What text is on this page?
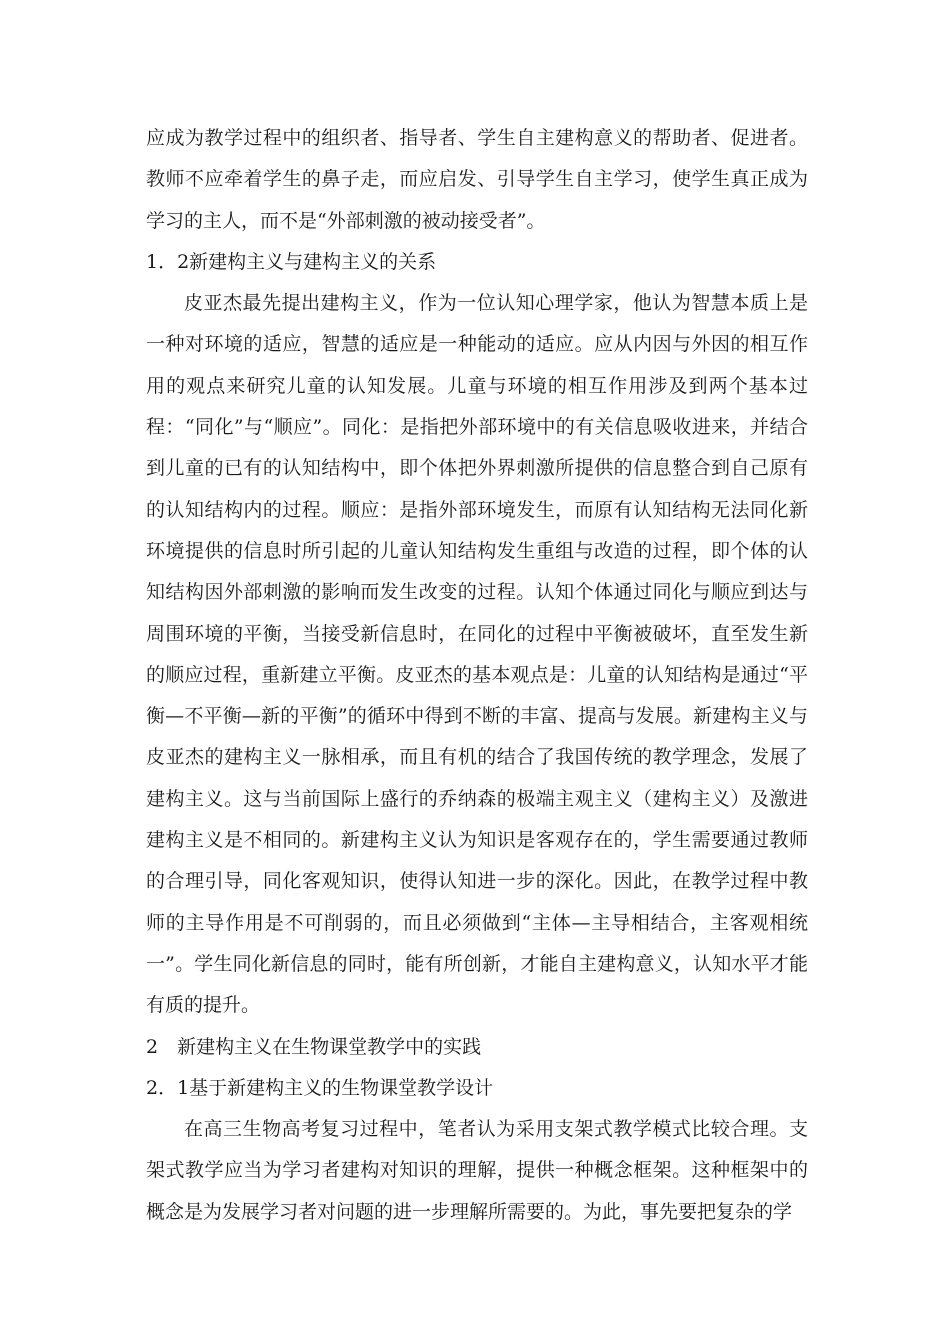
应成为教学过程中的组织者、指导者、学生自主建构意义的帮助者、促进者。教师不应牵着学生的鼻子走，而应启发、引导学生自主学习，使学生真正成为学习的主人，而不是“外部刺激的被动接受者”。

1．2新建构主义与建构主义的关系

皮亚杰最先提出建构主义，作为一位认知心理学家，他认为智慧本质上是一种对环境的适应，智慧的适应是一种能动的适应。应从内因与外因的相互作用的观点来研究儿童的认知发展。儿童与环境的相互作用涉及到两个基本过程：“同化”与“顺应”。同化：是指把外部环境中的有关信息吸收进来，并结合到儿童的已有的认知结构中，即个体把外界刺激所提供的信息整合到自己原有的认知结构内的过程。顺应：是指外部环境发生，而原有认知结构无法同化新环境提供的信息时所引起的儿童认知结构发生重组与改造的过程，即个体的认知结构因外部刺激的影响而发生改变的过程。认知个体通过同化与顺应到达与周围环境的平衡，当接受新信息时，在同化的过程中平衡被破坏，直至发生新的顺应过程，重新建立平衡。皮亚杰的基本观点是：儿童的认知结构是通过“平衡—不平衡—新的平衡”的循环中得到不断的丰富、提高与发展。新建构主义与皮亚杰的建构主义一脉相承，而且有机的结合了我国传统的教学理念，发展了建构主义。这与当前国际上盛行的乔纳森的极端主观主义（建构主义）及激进建构主义是不相同的。新建构主义认为知识是客观存在的，学生需要通过教师的合理引导，同化客观知识，使得认知进一步的深化。因此，在教学过程中教师的主导作用是不可削弱的，而且必须做到“主体—主导相结合，主客观相统一”。学生同化新信息的同时，能有所创新，才能自主建构意义，认知水平才能有质的提升。

2　新建构主义在生物课堂教学中的实践

2．1基于新建构主义的生物课堂教学设计

在高三生物高考复习过程中，笔者认为采用支架式教学模式比较合理。支架式教学应当为学习者建构对知识的理解，提供一种概念框架。这种框架中的概念是为发展学习者对问题的进一步理解所需要的。为此，事先要把复杂的学
